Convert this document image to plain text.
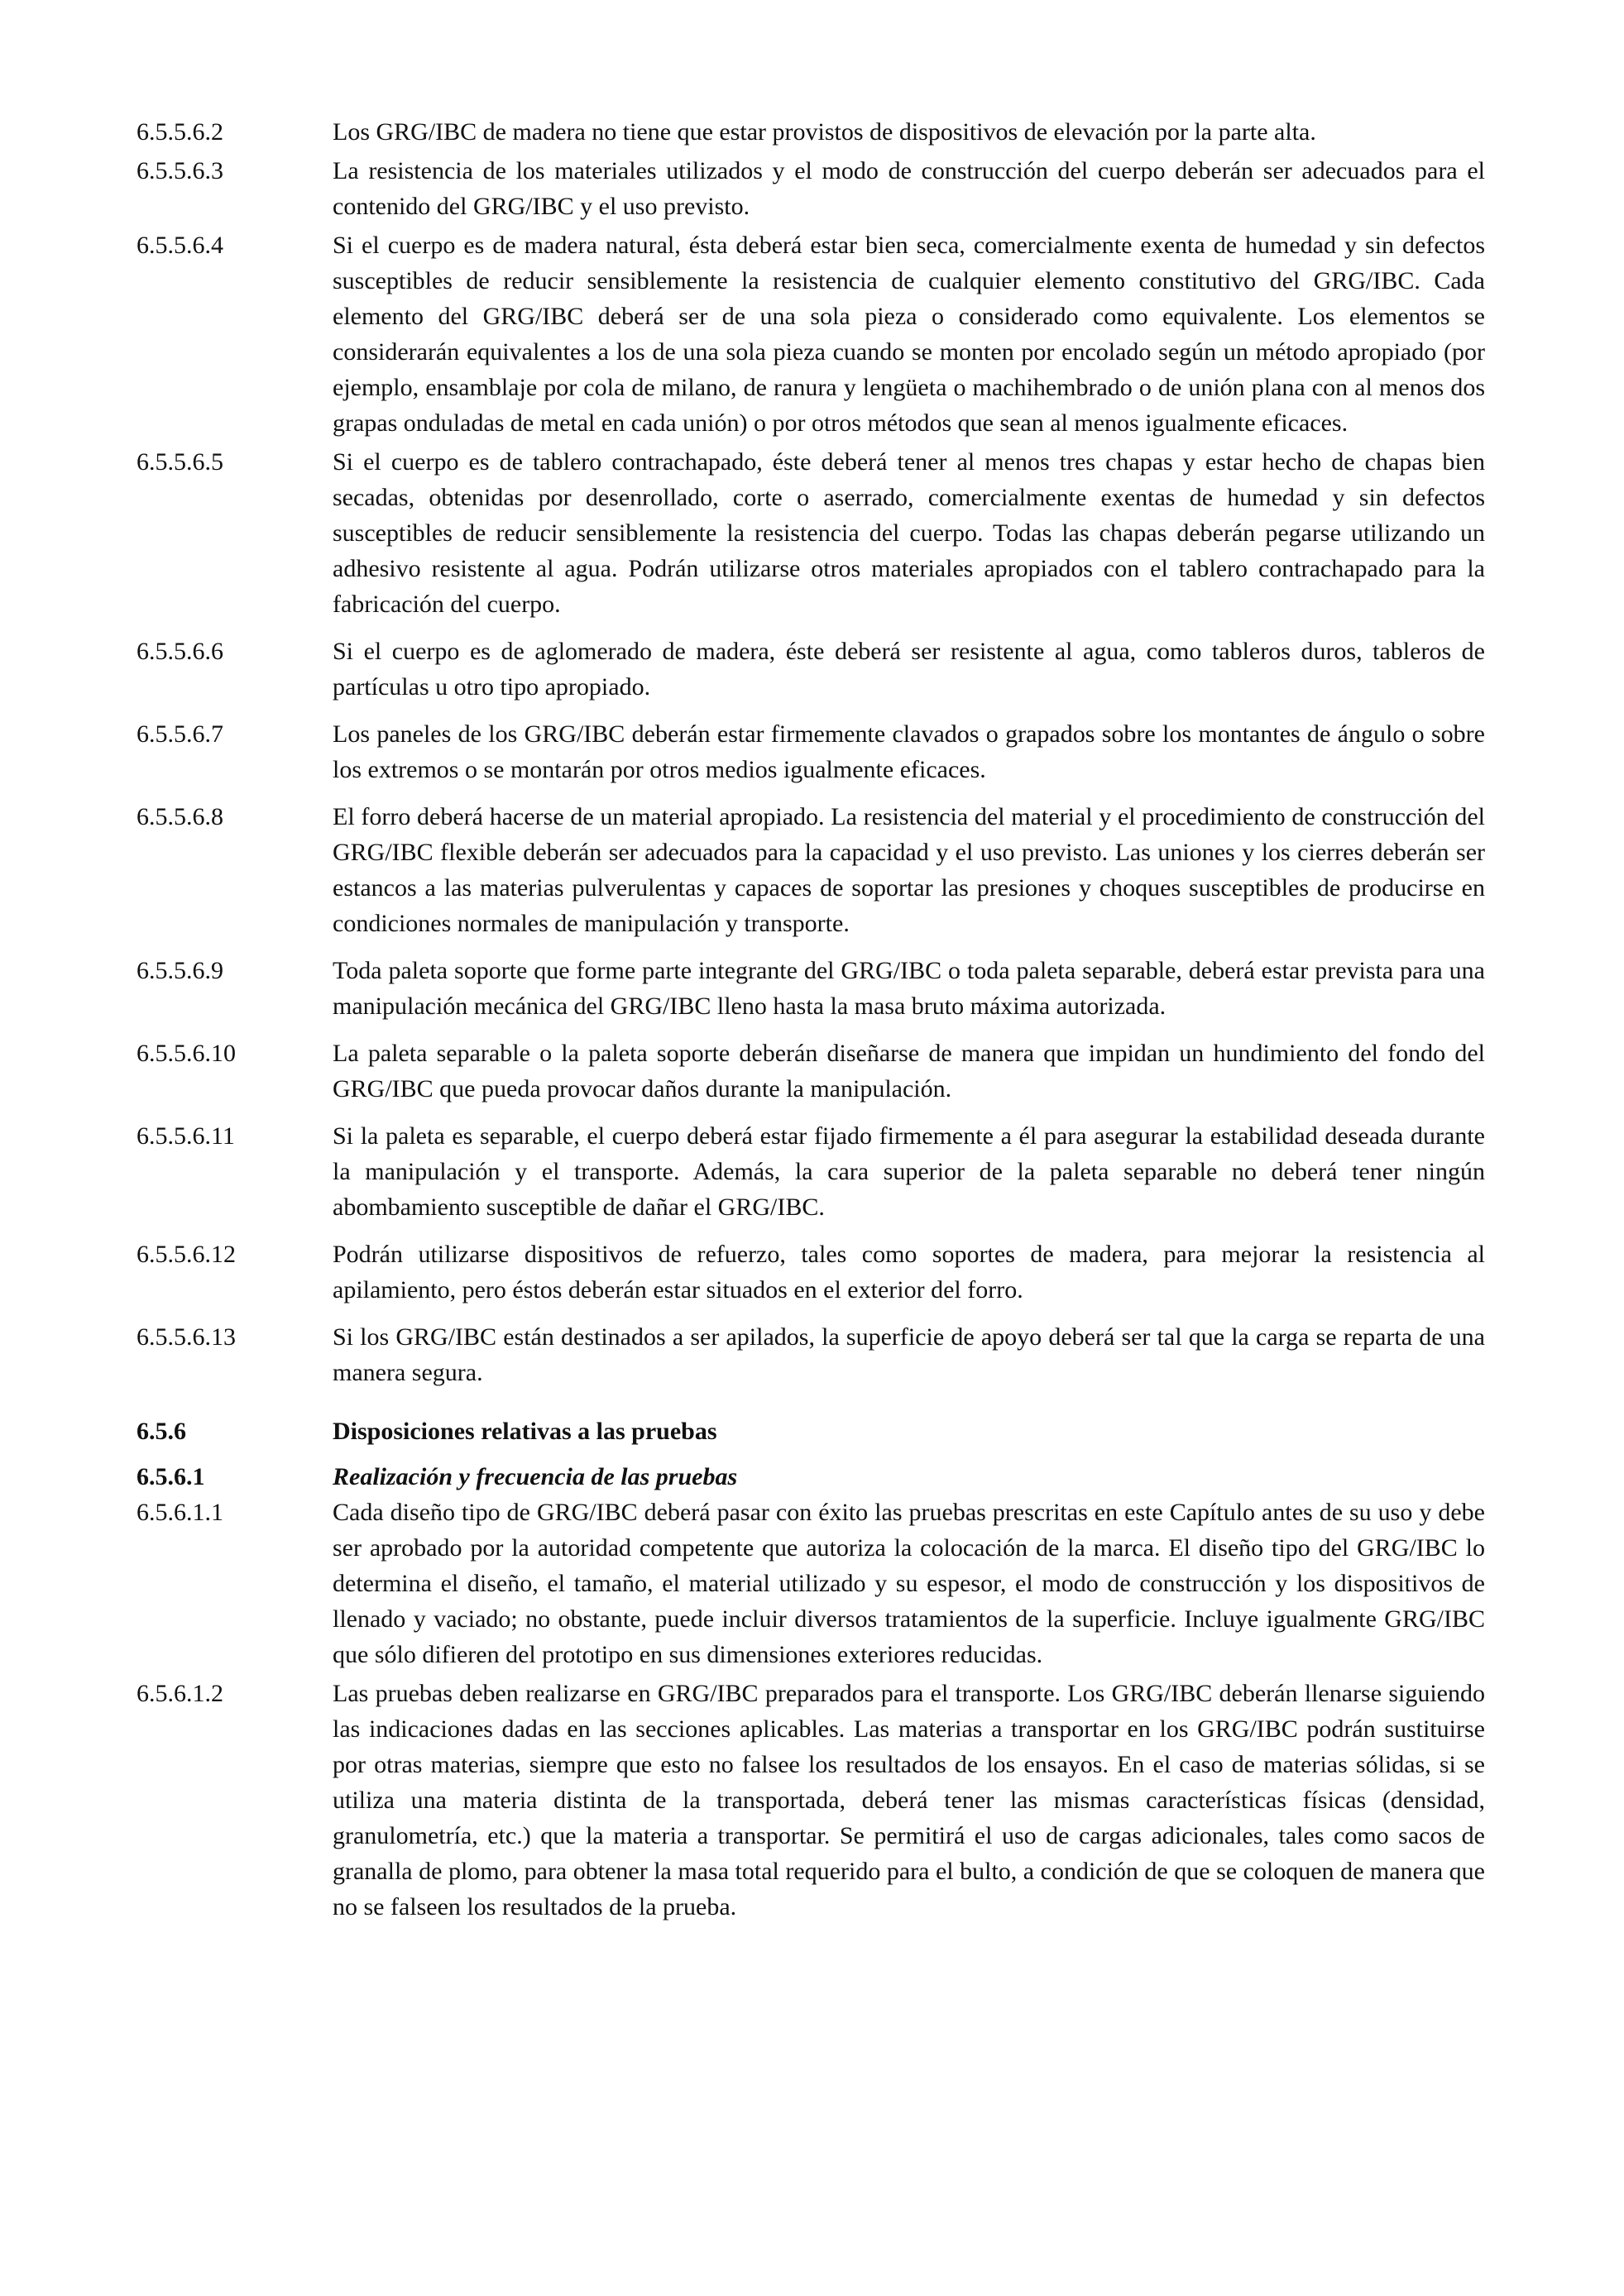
6.5.5.6.2	Los GRG/IBC de madera no tiene que estar provistos de dispositivos de elevación por la parte alta.
6.5.5.6.3	La resistencia de los materiales utilizados y el modo de construcción del cuerpo deberán ser adecuados para el contenido del GRG/IBC y el uso previsto.
6.5.5.6.4	Si el cuerpo es de madera natural, ésta deberá estar bien seca, comercialmente exenta de humedad y sin defectos susceptibles de reducir sensiblemente la resistencia de cualquier elemento constitutivo del GRG/IBC. Cada elemento del GRG/IBC deberá ser de una sola pieza o considerado como equivalente. Los elementos se considerarán equivalentes a los de una sola pieza cuando se monten por encolado según un método apropiado (por ejemplo, ensamblaje por cola de milano, de ranura y lengüeta o machihembrado o de unión plana con al menos dos grapas onduladas de metal en cada unión) o por otros métodos que sean al menos igualmente eficaces.
6.5.5.6.5	Si el cuerpo es de tablero contrachapado, éste deberá tener al menos tres chapas y estar hecho de chapas bien secadas, obtenidas por desenrollado, corte o aserrado, comercialmente exentas de humedad y sin defectos susceptibles de reducir sensiblemente la resistencia del cuerpo. Todas las chapas deberán pegarse utilizando un adhesivo resistente al agua. Podrán utilizarse otros materiales apropiados con el tablero contrachapado para la fabricación del cuerpo.
6.5.5.6.6	Si el cuerpo es de aglomerado de madera, éste deberá ser resistente al agua, como tableros duros, tableros de partículas u otro tipo apropiado.
6.5.5.6.7	Los paneles de los GRG/IBC deberán estar firmemente clavados o grapados sobre los montantes de ángulo o sobre los extremos o se montarán por otros medios igualmente eficaces.
6.5.5.6.8	El forro deberá hacerse de un material apropiado. La resistencia del material y el procedimiento de construcción del GRG/IBC flexible deberán ser adecuados para la capacidad y el uso previsto. Las uniones y los cierres deberán ser estancos a las materias pulverulentas y capaces de soportar las presiones y choques susceptibles de producirse en condiciones normales de manipulación y transporte.
6.5.5.6.9	Toda paleta soporte que forme parte integrante del GRG/IBC o toda paleta separable, deberá estar prevista para una manipulación mecánica del GRG/IBC lleno hasta la masa bruto máxima autorizada.
6.5.5.6.10	La paleta separable o la paleta soporte deberán diseñarse de manera que impidan un hundimiento del fondo del GRG/IBC que pueda provocar daños durante la manipulación.
6.5.5.6.11	Si la paleta es separable, el cuerpo deberá estar fijado firmemente a él para asegurar la estabilidad deseada durante la manipulación y el transporte. Además, la cara superior de la paleta separable no deberá tener ningún abombamiento susceptible de dañar el GRG/IBC.
6.5.5.6.12	Podrán utilizarse dispositivos de refuerzo, tales como soportes de madera, para mejorar la resistencia al apilamiento, pero éstos deberán estar situados en el exterior del forro.
6.5.5.6.13	Si los GRG/IBC están destinados a ser apilados, la superficie de apoyo deberá ser tal que la carga se reparta de una manera segura.
6.5.6	Disposiciones relativas a las pruebas
6.5.6.1	Realización y frecuencia de las pruebas
6.5.6.1.1	Cada diseño tipo de GRG/IBC deberá pasar con éxito las pruebas prescritas en este Capítulo antes de su uso y debe ser aprobado por la autoridad competente que autoriza la colocación de la marca. El diseño tipo del GRG/IBC lo determina el diseño, el tamaño, el material utilizado y su espesor, el modo de construcción y los dispositivos de llenado y vaciado; no obstante, puede incluir diversos tratamientos de la superficie. Incluye igualmente GRG/IBC que sólo difieren del prototipo en sus dimensiones exteriores reducidas.
6.5.6.1.2	Las pruebas deben realizarse en GRG/IBC preparados para el transporte. Los GRG/IBC deberán llenarse siguiendo las indicaciones dadas en las secciones aplicables. Las materias a transportar en los GRG/IBC podrán sustituirse por otras materias, siempre que esto no falsee los resultados de los ensayos. En el caso de materias sólidas, si se utiliza una materia distinta de la transportada, deberá tener las mismas características físicas (densidad, granulometría, etc.) que la materia a transportar. Se permitirá el uso de cargas adicionales, tales como sacos de granalla de plomo, para obtener la masa total requerido para el bulto, a condición de que se coloquen de manera que no se falseen los resultados de la prueba.
